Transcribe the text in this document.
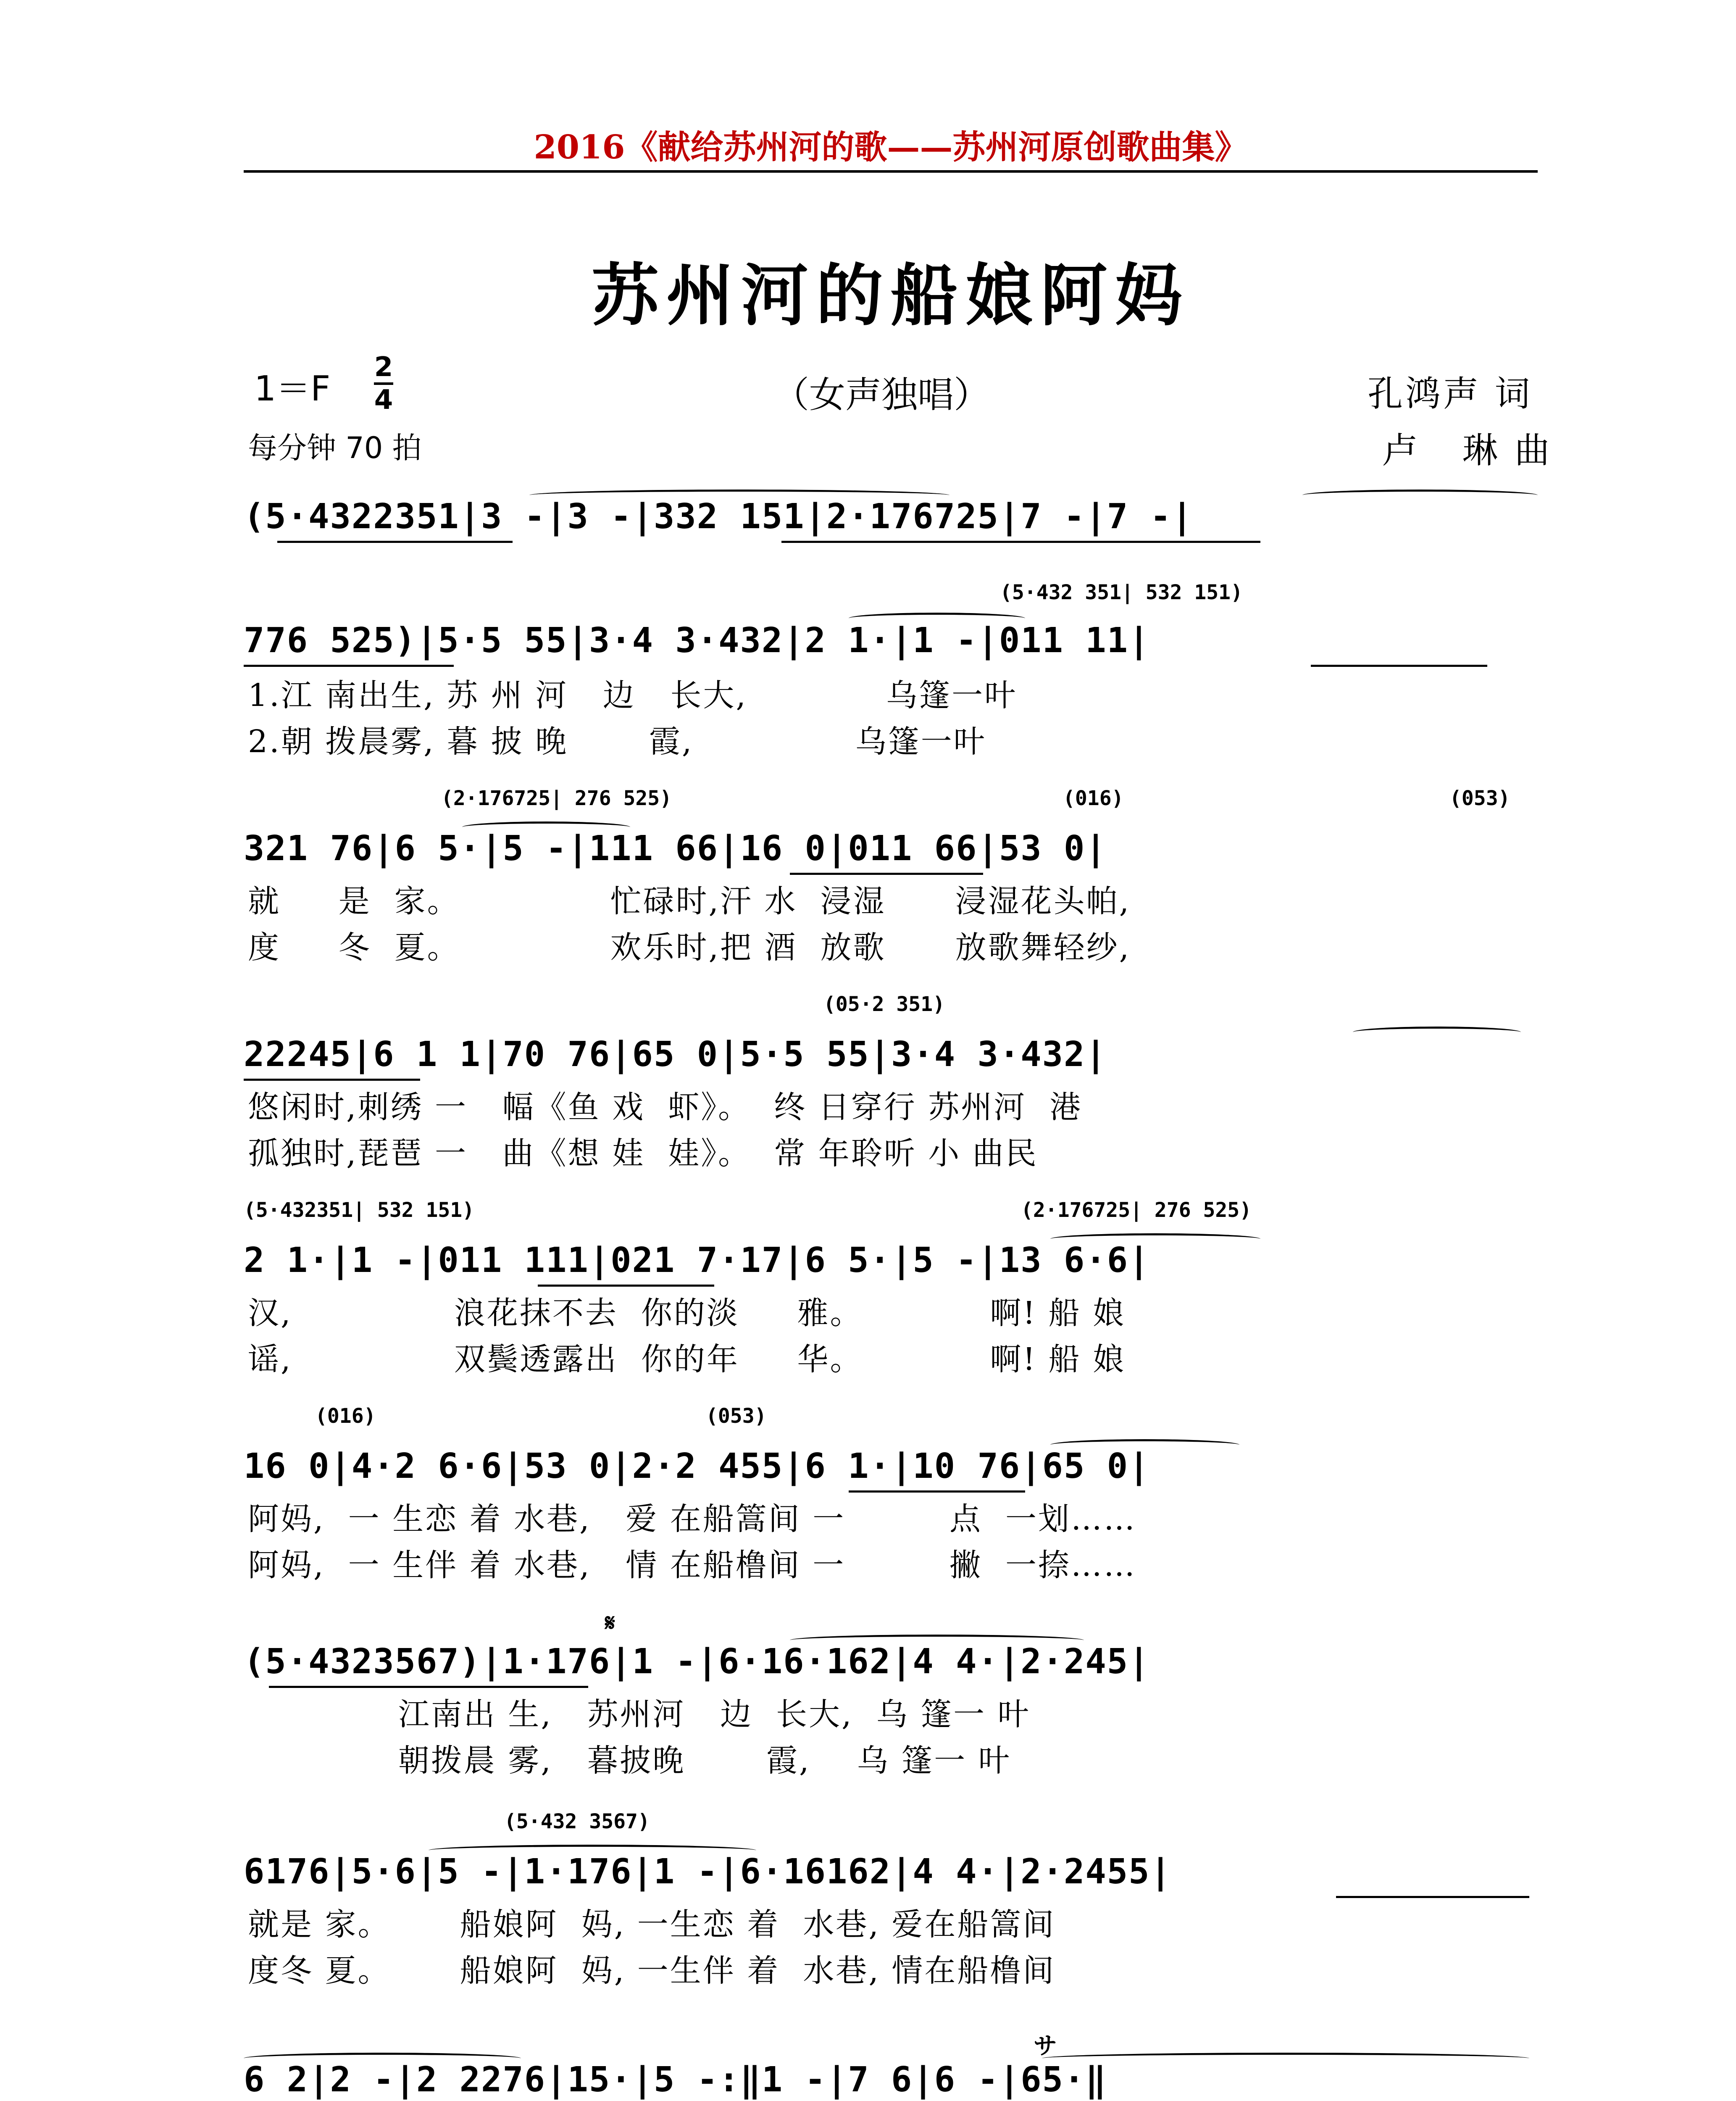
2016《献给苏州河的歌——苏州河原创歌曲集》
苏州河的船娘阿妈
1＝F
2
4
每分钟 70 拍
（女声独唱）	孔鸿声 词
卢 琳曲
(5·4322351|3 -|3 -|332 151|2·176725|7 -|7 -|
(5·432 351| 532 151)
776 525)|5·5 55|3·4 3·432|2 1·|1 -|011 11|
1.江 南出生, 苏 州 河   边   长大,            乌篷一叶
2.朝 拨晨雾, 暮 披 晚       霞,              乌篷一叶
(2·176725| 276 525)	(016)	(053)
321 76|6 5·|5 -|111 66|16 0|011 66|53 0|
就     是  家。             忙碌时,汗 水  浸湿      浸湿花头帕,
度     冬  夏。             欢乐时,把 酒  放歌      放歌舞轻纱,
(05·2 351)
22245|6 1 1|70 76|65 0|5·5 55|3·4 3·432|
悠闲时,刺绣 一   幅《鱼 戏  虾》。  终 日穿行 苏州河  港
孤独时,琵琶 一   曲《想 娃  娃》。  常 年聆听 小 曲民
(5·432351| 532 151)	(2·176725| 276 525)
2 1·|1 -|011 111|021 7·17|6 5·|5 -|13 6·6|
汉,              浪花抹不去  你的淡     雅。           啊! 船 娘
谣,              双鬓透露出  你的年     华。           啊! 船 娘
(016)	(053)
16 0|4·2 6·6|53 0|2·2 455|6 1·|10 76|65 0|
阿妈,  一 生恋 着 水巷,   爱 在船篙间 一         点  一划……
阿妈,  一 生伴 着 水巷,   情 在船橹间 一         撇  一捺……
𝄋
(5·4323567)|1·176|1 -|6·16·162|4 4·|2·245|
江南出 生,   苏州河   边  长大,  乌 篷一 叶
朝拨晨 雾,   暮披晚       霞,    乌 篷一 叶
(5·432 3567)
6176|5·6|5 -|1·176|1 -|6·16162|4 4·|2·2455|
就是 家。      船娘阿  妈, 一生恋 着  水巷, 爱在船篙间
度冬 夏。      船娘阿  妈, 一生伴 着  水巷, 情在船橹间
サ
6 2|2 -|2 2276|15·|5 -:‖1 -|7 6|6 -|65·‖
